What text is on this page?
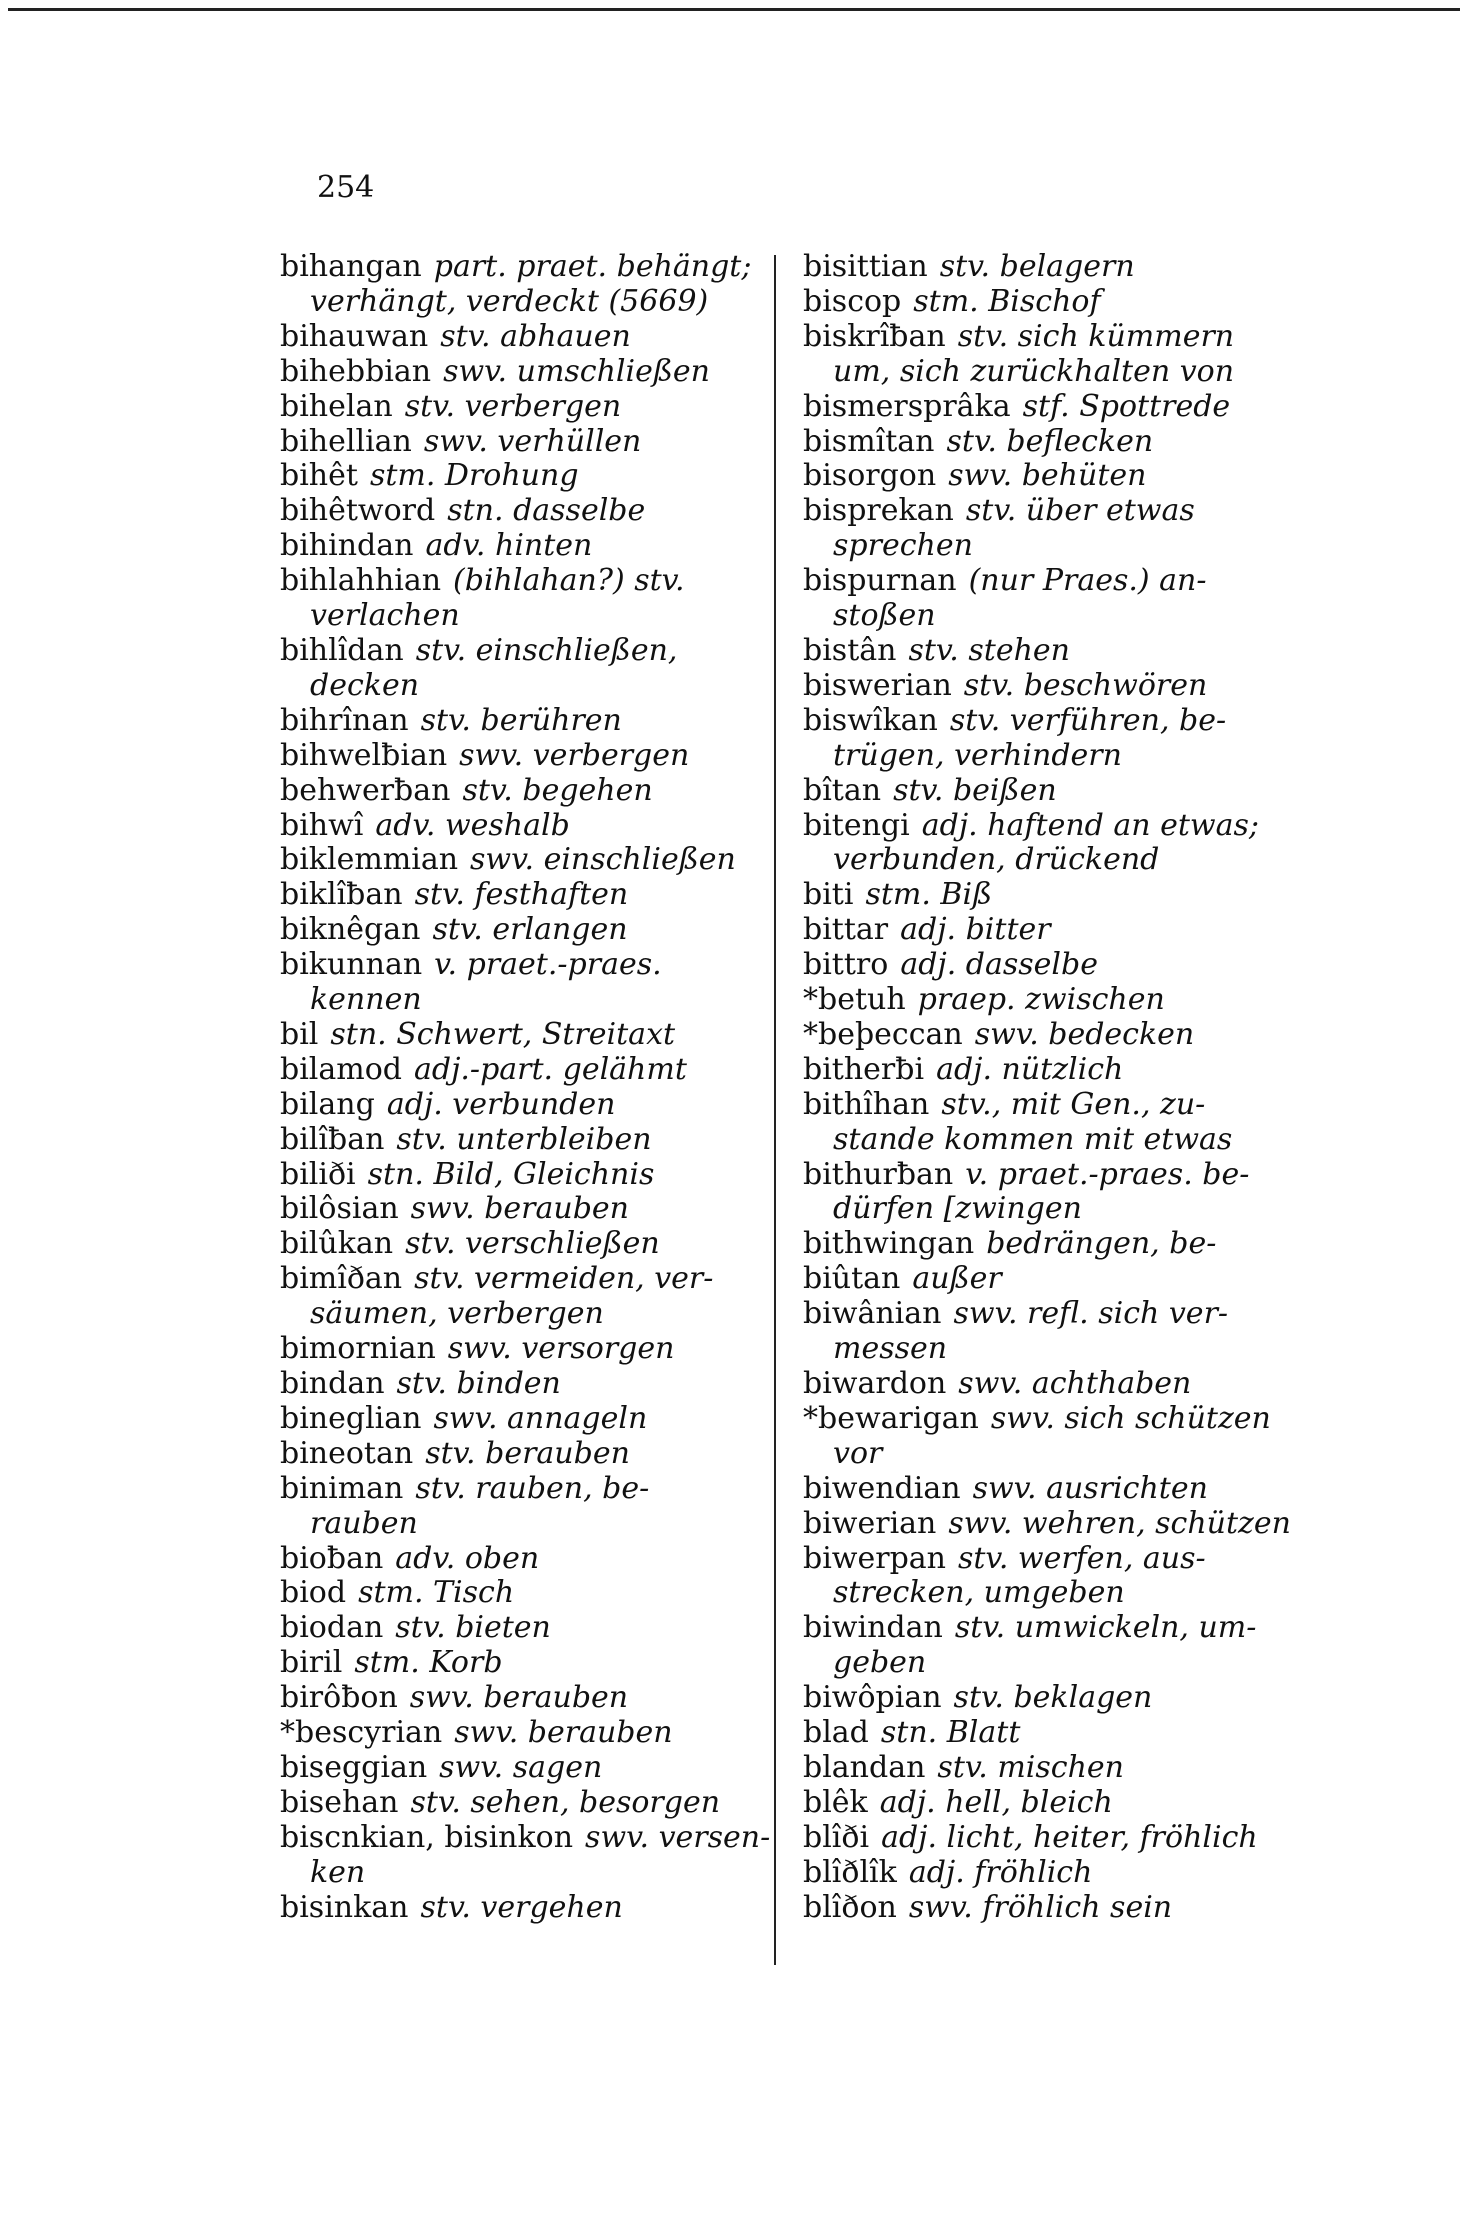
254
bihangan part. praet. behängt;
verhängt, verdeckt (5669)
bihauwan stv. abhauen
bihebbian swv. umschließen
bihelan stv. verbergen
bihellian swv. verhüllen
bihêt stm. Drohung
bihêtword stn. dasselbe
bihindan adv. hinten
bihlahhian (bihlahan?) stv.
verlachen
bihlîdan stv. einschließen,
decken
bihrînan stv. berühren
bihwelƀian swv. verbergen
behwerƀan stv. begehen
bihwî adv. weshalb
biklemmian swv. einschließen
biklîƀan stv. festhaften
biknêgan stv. erlangen
bikunnan v. praet.-praes.
kennen
bil stn. Schwert, Streitaxt
bilamod adj.-part. gelähmt
bilang adj. verbunden
bilîƀan stv. unterbleiben
biliði stn. Bild, Gleichnis
bilôsian swv. berauben
bilûkan stv. verschließen
bimîðan stv. vermeiden, ver-
säumen, verbergen
bimornian swv. versorgen
bindan stv. binden
bineglian swv. annageln
bineotan stv. berauben
biniman stv. rauben, be-
rauben
bioƀan adv. oben
biod stm. Tisch
biodan stv. bieten
biril stm. Korb
birôƀon swv. berauben
*bescyrian swv. berauben
biseggian swv. sagen
bisehan stv. sehen, besorgen
biscnkian, bisinkon swv. versen-
ken
bisinkan stv. vergehen
bisittian stv. belagern
biscop stm. Bischof
biskrîƀan stv. sich kümmern
um, sich zurückhalten von
bismersprâka stf. Spottrede
bismîtan stv. beflecken
bisorgon swv. behüten
bisprekan stv. über etwas
sprechen
bispurnan (nur Praes.) an-
stoßen
bistân stv. stehen
biswerian stv. beschwören
biswîkan stv. verführen, be-
trügen, verhindern
bîtan stv. beißen
bitengi adj. haftend an etwas;
verbunden, drückend
biti stm. Biß
bittar adj. bitter
bittro adj. dasselbe
*betuh praep. zwischen
*beþeccan swv. bedecken
bitherƀi adj. nützlich
bithîhan stv., mit Gen., zu-
stande kommen mit etwas
bithurƀan v. praet.-praes. be-
dürfen [zwingen
bithwingan bedrängen, be-
biûtan außer
biwânian swv. refl. sich ver-
messen
biwardon swv. achthaben
*bewarigan swv. sich schützen
vor
biwendian swv. ausrichten
biwerian swv. wehren, schützen
biwerpan stv. werfen, aus-
strecken, umgeben
biwindan stv. umwickeln, um-
geben
biwôpian stv. beklagen
blad stn. Blatt
blandan stv. mischen
blêk adj. hell, bleich
blîði adj. licht, heiter, fröhlich
blîðlîk adj. fröhlich
blîðon swv. fröhlich sein
